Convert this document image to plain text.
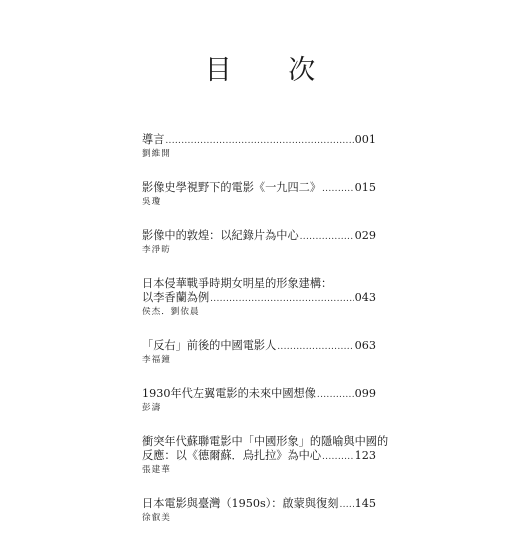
目 次
導言 .....	001
劉維開
影像史學視野下的電影《一九四二》 .....	015
吳瓊
影像中的敦煌：以紀錄片為中心 .....	029
李淨昉
日本侵華戰爭時期女明星的形象建構：
以李香蘭為例 .....	043
侯杰．劉依晨
「反右」前後的中國電影人 .....	063
李福鐘
1930年代左翼電影的未來中國想像 .....	099
彭濤
衝突年代蘇聯電影中「中國形象」的隱喻與中國的
反應：以《德爾蘇．烏扎拉》為中心 .....	123
張建華
日本電影與臺灣（1950s）：啟蒙與復刻 ..... 145
徐叡美
